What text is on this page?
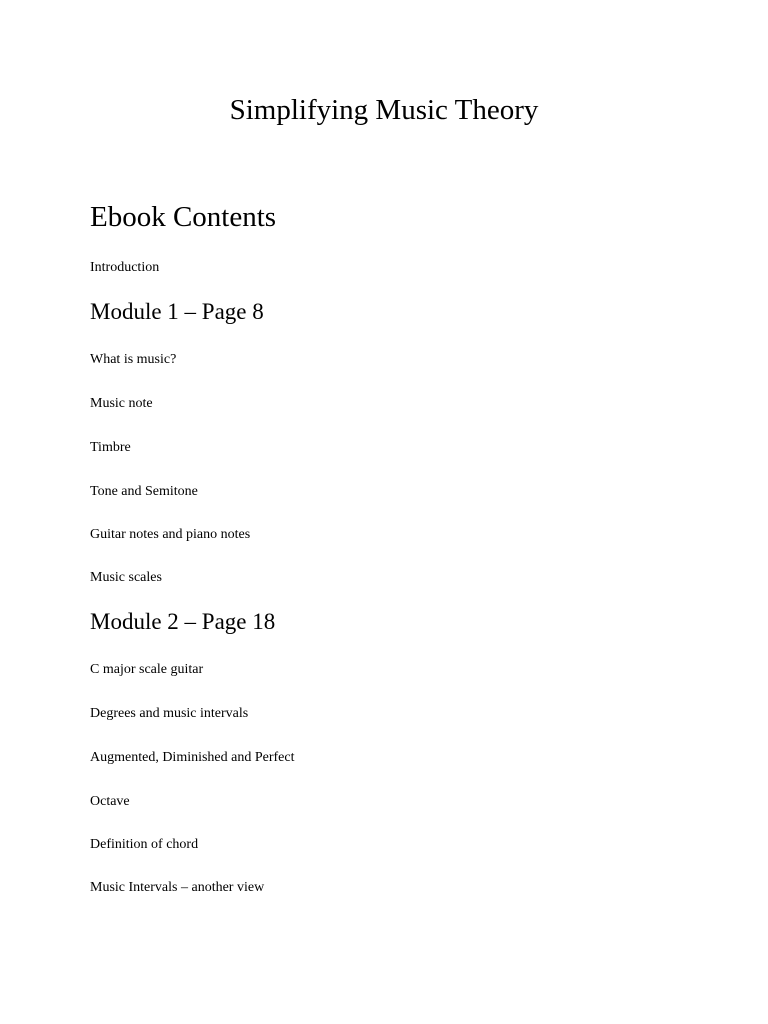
Simplifying Music Theory
Ebook Contents

Introduction

Module 1 – Page 8

What is music?

Music note

Timbre

Tone and Semitone

Guitar notes and piano notes

Music scales

Module 2 – Page 18

C major scale guitar

Degrees and music intervals

Augmented, Diminished and Perfect

Octave

Definition of chord

Music Intervals – another view
